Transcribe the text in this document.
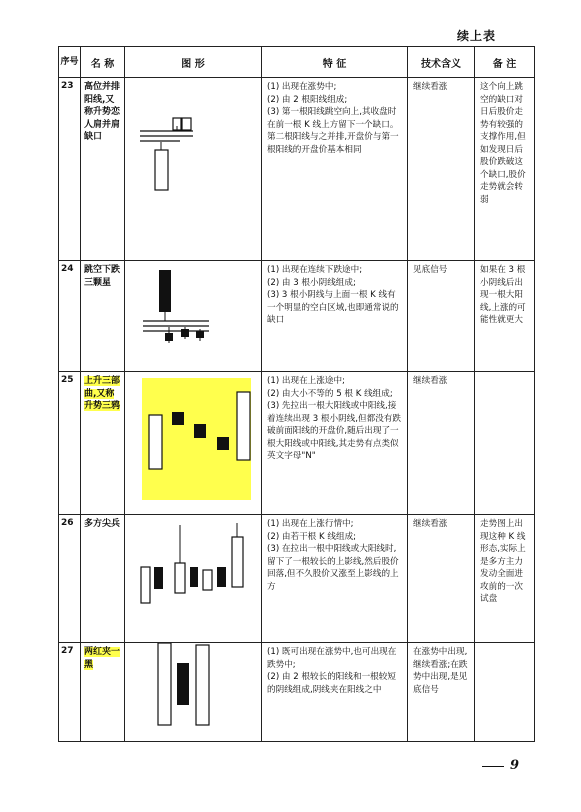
续上表
序号	名 称	图 形	特 征	技术含义	备 注
23	高位并排阳线,又称升势恋人肩并肩缺口		(1) 出现在涨势中;
(2) 由 2 根阳线组成;
(3) 第一根阳线跳空向上,其收盘时在前一根 K 线上方留下一个缺口。第二根阳线与之并排,开盘价与第一根阳线的开盘价基本相同	继续看涨	这个向上跳空的缺口对日后股价走势有较强的支撑作用,但如发现日后股价跌破这个缺口,股价走势就会转弱
24	跳空下跌三颗星		(1) 出现在连续下跌途中;
(2) 由 3 根小阴线组成;
(3) 3 根小阴线与上面一根 K 线有一个明显的空白区域,也即通常说的缺口	见底信号	如果在 3 根小阴线后出现一根大阳线,上涨的可能性就更大
25	上升三部曲,又称升势三鸦		(1) 出现在上涨途中;
(2) 由大小不等的 5 根 K 线组成;
(3) 先拉出一根大阳线或中阳线,接着连续出现 3 根小阴线,但都没有跌破前面阳线的开盘价,随后出现了一根大阳线或中阳线,其走势有点类似英文字母"N"	继续看涨	
26	多方尖兵		(1) 出现在上涨行情中;
(2) 由若干根 K 线组成;
(3) 在拉出一根中阳线或大阳线时,留下了一根较长的上影线,然后股价回落,但不久股价又涨至上影线的上方	继续看涨	走势图上出现这种 K 线形态,实际上是多方主力发动全面进攻前的一次试盘
27	两红夹一黑		(1) 既可出现在涨势中,也可出现在跌势中;
(2) 由 2 根较长的阳线和一根较短的阴线组成,阴线夹在阳线之中	在涨势中出现,继续看涨;在跌势中出现,是见底信号	
9
